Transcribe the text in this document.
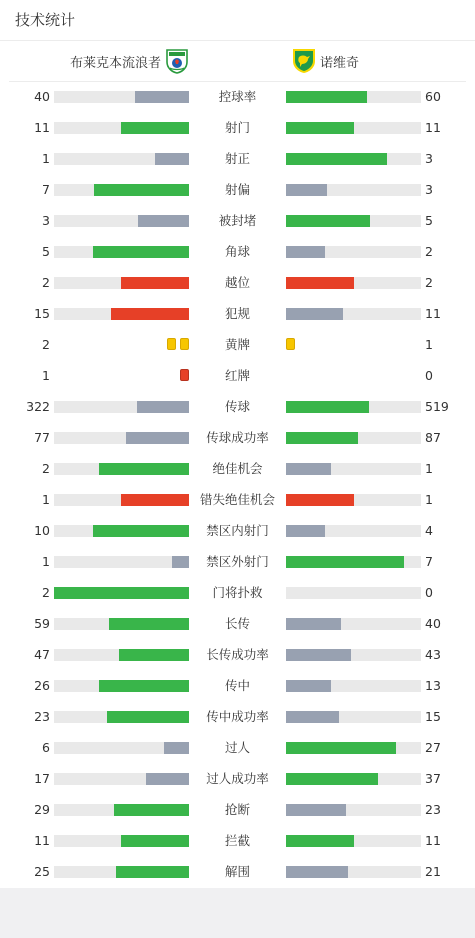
技术统计
布莱克本流浪者	诺维奇
40	控球率	60
11	射门	11
1	射正	3
7	射偏	3
3	被封堵	5
5	角球	2
2	越位	2
15	犯规	11
2	黄牌	1
1	红牌	0
322	传球	519
77	传球成功率	87
2	绝佳机会	1
1	错失绝佳机会	1
10	禁区内射门	4
1	禁区外射门	7
2	门将扑救	0
59	长传	40
47	长传成功率	43
26	传中	13
23	传中成功率	15
6	过人	27
17	过人成功率	37
29	抢断	23
11	拦截	11
25	解围	21
